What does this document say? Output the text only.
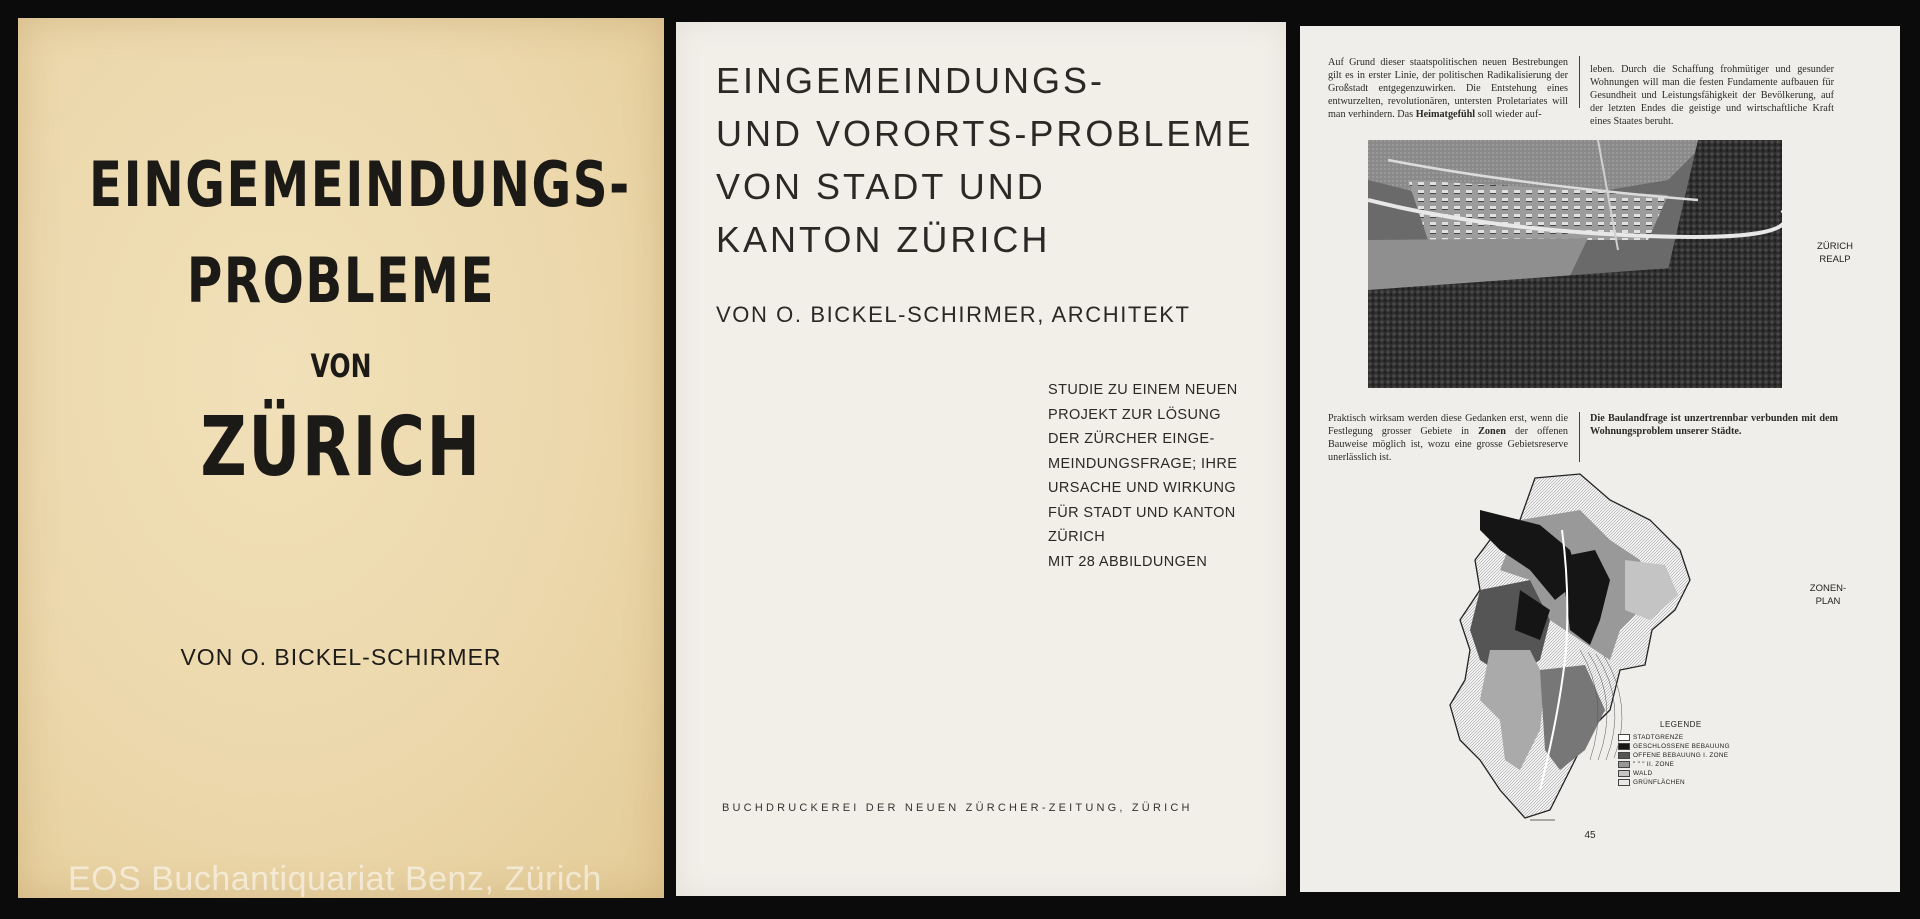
EINGEMEINDUNGS-
PROBLEME
VON
ZÜRICH
VON O. BICKEL-SCHIRMER
EOS Buchantiquariat Benz, Zürich
EINGEMEINDUNGS-
UND VORORTS-PROBLEME
VON STADT UND
KANTON ZÜRICH
VON O. BICKEL-SCHIRMER, ARCHITEKT
STUDIE ZU EINEM NEUEN
PROJEKT ZUR LÖSUNG
DER ZÜRCHER EINGE-
MEINDUNGSFRAGE; IHRE
URSACHE UND WIRKUNG
FÜR STADT UND KANTON
ZÜRICH
MIT 28 ABBILDUNGEN
BUCHDRUCKEREI DER NEUEN ZÜRCHER-ZEITUNG, ZÜRICH
Auf Grund dieser staatspolitischen neuen Bestrebungen gilt es in erster Linie, der politischen Radikalisierung der Großstadt entgegenzuwirken. Die Entstehung eines entwurzelten, revolutionären, untersten Proletariates will man verhindern. Das Heimatgefühl soll wieder auf-
leben. Durch die Schaffung frohmütiger und gesunder Wohnungen will man die festen Fundamente aufbauen für Gesundheit und Leistungsfähigkeit der Bevölkerung, auf der letzten Endes die geistige und wirtschaftliche Kraft eines Staates beruht.
ZÜRICH
REALP
Praktisch wirksam werden diese Gedanken erst, wenn die Festlegung grosser Gebiete in Zonen der offenen Bauweise möglich ist, wozu eine grosse Gebietsreserve unerlässlich ist.
Die Baulandfrage ist unzertrennbar verbunden mit dem Wohnungsproblem unserer Städte.
ZONEN-
PLAN
LEGENDE
STADTGRENZE
GESCHLOSSENE BEBAUUNG
OFFENE BEBAUUNG I. ZONE
" " " II. ZONE
WALD
GRÜNFLÄCHEN
45
